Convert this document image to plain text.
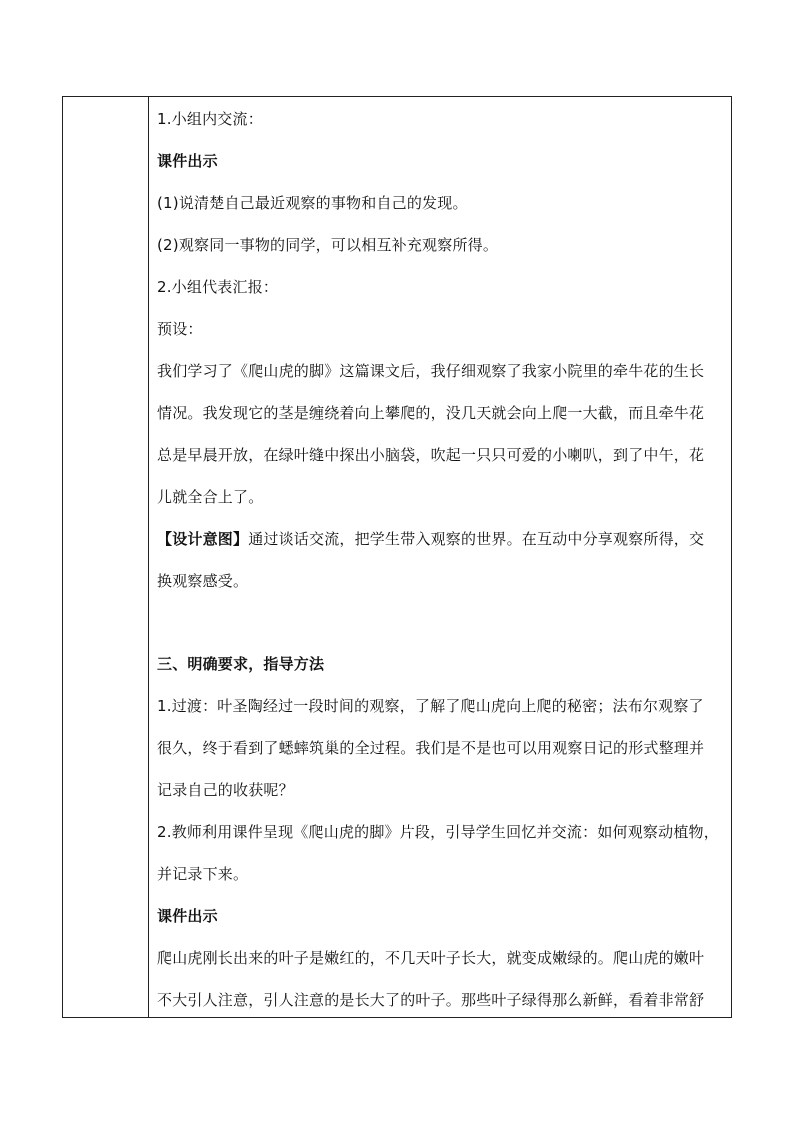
1.小组内交流：
课件出示
(1)说清楚自己最近观察的事物和自己的发现。
(2)观察同一事物的同学，可以相互补充观察所得。
2.小组代表汇报：
预设：
我们学习了《爬山虎的脚》这篇课文后，我仔细观察了我家小院里的牵牛花的生长
情况。我发现它的茎是缠绕着向上攀爬的，没几天就会向上爬一大截，而且牵牛花
总是早晨开放，在绿叶缝中探出小脑袋，吹起一只只可爱的小喇叭，到了中午，花
儿就全合上了。
【设计意图】通过谈话交流，把学生带入观察的世界。在互动中分享观察所得，交
换观察感受。
三、明确要求，指导方法
1.过渡：叶圣陶经过一段时间的观察，了解了爬山虎向上爬的秘密；法布尔观察了
很久，终于看到了蟋蟀筑巢的全过程。我们是不是也可以用观察日记的形式整理并
记录自己的收获呢？
2.教师利用课件呈现《爬山虎的脚》片段，引导学生回忆并交流：如何观察动植物，
并记录下来。
课件出示
爬山虎刚长出来的叶子是嫩红的，不几天叶子长大，就变成嫩绿的。爬山虎的嫩叶
不大引人注意，引人注意的是长大了的叶子。那些叶子绿得那么新鲜，看着非常舒
